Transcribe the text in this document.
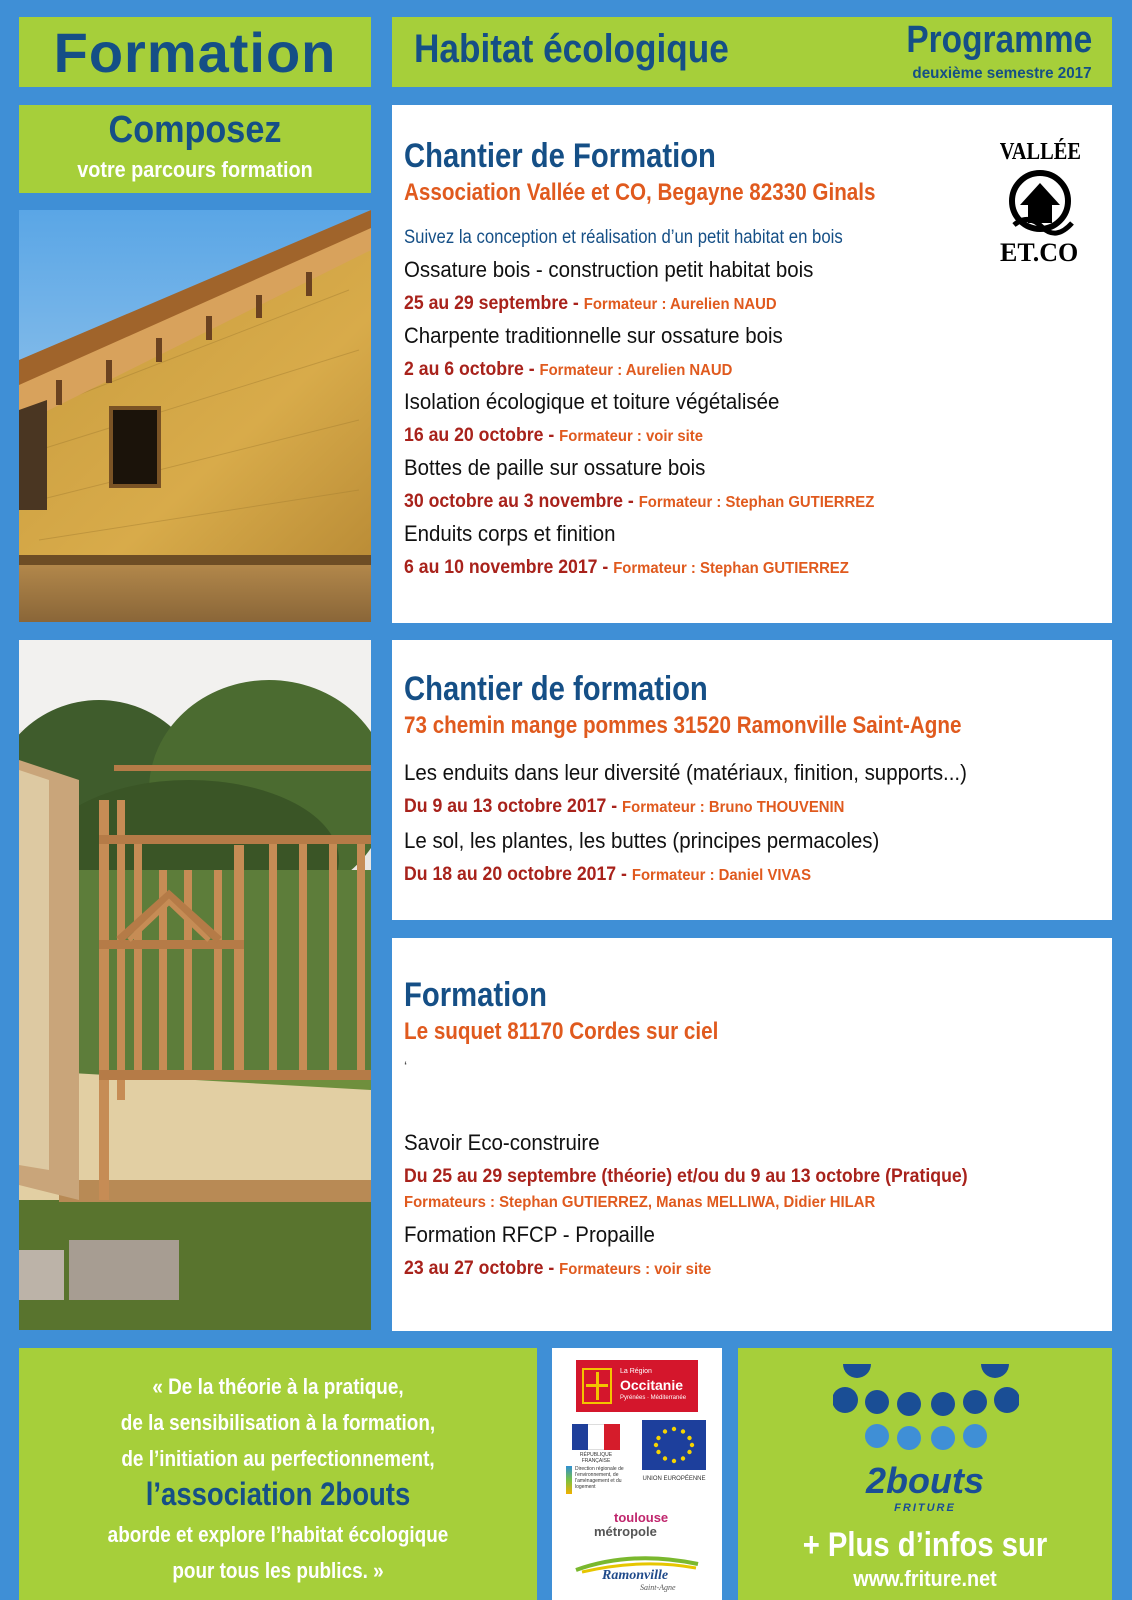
Formation Habitat écologique	Programme
deuxième semestre 2017
Composez
votre parcours formation	Chantier de Formation
Association Vallée et CO, Begayne 82330 Ginals
Suivez la conception et réalisation d’un petit habitat en bois
VALLÉE
ET.CO
Ossature bois - construction petit habitat bois
25 au 29 septembre - Formateur : Aurelien NAUD
Charpente traditionnelle sur ossature bois
2 au 6 octobre - Formateur : Aurelien NAUD
Isolation écologique et toiture végétalisée
16 au 20 octobre - Formateur : voir site
Bottes de paille sur ossature bois
30 octobre au 3 novembre - Formateur : Stephan GUTIERREZ
Enduits corps et finition
6 au 10 novembre 2017 - Formateur : Stephan GUTIERREZ
Chantier de formation
73 chemin mange pommes 31520 Ramonville Saint-Agne
Les enduits dans leur diversité (matériaux, finition, supports...)
Du 9 au 13 octobre 2017 - Formateur : Bruno THOUVENIN
Le sol, les plantes, les buttes (principes permacoles)
Du 18 au 20 octobre 2017 - Formateur : Daniel VIVAS
Formation
Le suquet 81170 Cordes sur ciel
‘
Savoir Eco-construire
Du 25 au 29 septembre (théorie) et/ou du 9 au 13 octobre (Pratique)
Formateurs : Stephan GUTIERREZ, Manas MELLIWA, Didier HILAR
Formation RFCP - Propaille
23 au 27 octobre - Formateurs : voir site
« De la théorie à la pratique,
de la sensibilisation à la formation,
de l’initiation au perfectionnement,
l’association 2bouts
aborde et explore l’habitat écologique
pour tous les publics. »
La Région
Occitanie
Pyrénées · Méditerranée
RÉPUBLIQUE FRANÇAISE
Direction régionale de l'environnement, de l'aménagement et du logement
UNION EUROPÉENNE
toulouse
métropole
Ramonville
Saint-Agne
2bouts
FRITURE
+ Plus d’infos sur
www.friture.net
